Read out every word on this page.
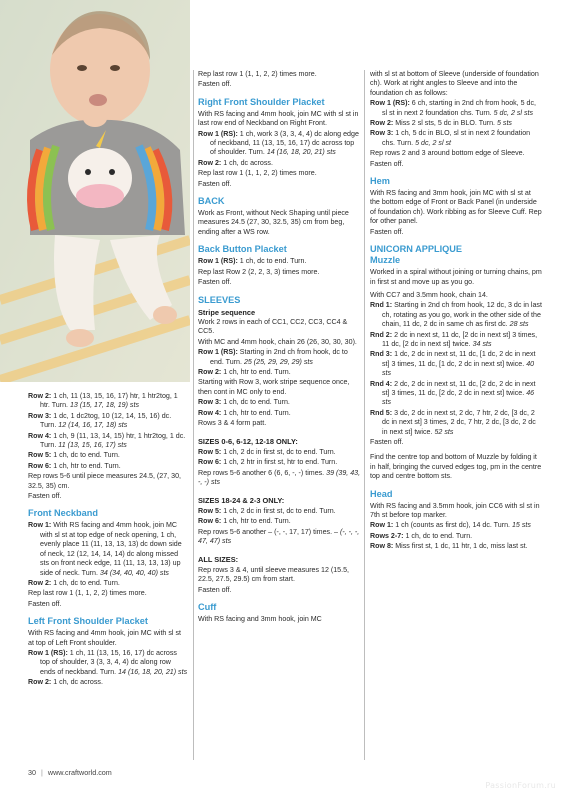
Row 2: 1 ch, 11 (13, 15, 16, 17) htr, 1 htr2tog, 1 htr. Turn. 13 (15, 17, 18, 19) sts

Row 3: 1 dc, 1 dc2tog, 10 (12, 14, 15, 16) dc. Turn. 12 (14, 16, 17, 18) sts

Row 4: 1 ch, 9 (11, 13, 14, 15) htr, 1 htr2tog, 1 dc. Turn. 11 (13, 15, 16, 17) sts

Row 5: 1 ch, dc to end. Turn.

Row 6: 1 ch, htr to end. Turn.

Rep rows 5-6 until piece measures 24.5, (27, 30, 32.5, 35) cm.

Fasten off.

Front Neckband

Row 1: With RS facing and 4mm hook, join MC with sl st at top edge of neck opening, 1 ch, evenly place 11 (11, 13, 13, 13) dc down side of neck, 12 (12, 14, 14, 14) dc along missed sts on front neck edge, 11 (11, 13, 13, 13) up side of neck. Turn. 34 (34, 40, 40, 40) sts

Row 2: 1 ch, dc to end. Turn.

Rep last row 1 (1, 1, 2, 2) times more.

Fasten off.

Left Front Shoulder Placket

With RS facing and 4mm hook, join MC with sl st at top of Left Front shoulder.

Row 1 (RS): 1 ch, 11 (13, 15, 16, 17) dc across top of shoulder, 3 (3, 3, 4, 4) dc along row ends of neckband. Turn. 14 (16, 18, 20, 21) sts

Row 2: 1 ch, dc across.

Rep last row 1 (1, 1, 2, 2) times more.

Fasten off.

Right Front Shoulder Placket

With RS facing and 4mm hook, join MC with sl st in last row end of Neckband on Right Front.

Row 1 (RS): 1 ch, work 3 (3, 3, 4, 4) dc along edge of neckband, 11 (13, 15, 16, 17) dc across top of shoulder. Turn. 14 (16, 18, 20, 21) sts

Row 2: 1 ch, dc across.

Rep last row 1 (1, 1, 2, 2) times more.

Fasten off.

BACK

Work as Front, without Neck Shaping until piece measures 24.5 (27, 30, 32.5, 35) cm from beg, ending after a WS row.

Back Button Placket

Row 1 (RS): 1 ch, dc to end. Turn.

Rep last Row 2 (2, 2, 3, 3) times more.

Fasten off.

SLEEVES
Stripe sequence

Work 2 rows in each of CC1, CC2, CC3, CC4 & CC5.

With MC and 4mm hook, chain 26 (26, 30, 30, 30).

Row 1 (RS): Starting in 2nd ch from hook, dc to end. Turn. 25 (25, 29, 29, 29) sts

Row 2: 1 ch, htr to end. Turn.

Starting with Row 3, work stripe sequence once, then cont in MC only to end.

Row 3: 1 ch, dc to end. Turn.

Row 4: 1 ch, htr to end. Turn.

Rows 3 & 4 form patt.

SIZES 0-6, 6-12, 12-18 ONLY:

Row 5: 1 ch, 2 dc in first st, dc to end. Turn.

Row 6: 1 ch, 2 htr in first st, htr to end. Turn.

Rep rows 5-6 another 6 (6, 6, -, -) times. 39 (39, 43, -, -) sts

SIZES 18-24 & 2-3 ONLY:

Row 5: 1 ch, 2 dc in first st, dc to end. Turn.

Row 6: 1 ch, htr to end. Turn.

Rep rows 5-6 another – (-, -, 17, 17) times. – (-, -, -, 47, 47) sts

ALL SIZES:

Rep rows 3 & 4, until sleeve measures 12 (15.5, 22.5, 27.5, 29.5) cm from start.

Fasten off.

Cuff

With RS facing and 3mm hook, join MC

with sl st at bottom of Sleeve (underside of foundation ch). Work at right angles to Sleeve and into the foundation ch as follows:

Row 1 (RS): 6 ch, starting in 2nd ch from hook, 5 dc, sl st in next 2 foundation chs. Turn. 5 dc, 2 sl sts

Row 2: Miss 2 sl sts, 5 dc in BLO. Turn. 5 sts

Row 3: 1 ch, 5 dc in BLO, sl st in next 2 foundation chs. Turn. 5 dc, 2 sl st

Rep rows 2 and 3 around bottom edge of Sleeve.

Fasten off.

Hem

With RS facing and 3mm hook, join MC with sl st at the bottom edge of Front or Back Panel (in underside of foundation ch). Work ribbing as for Sleeve Cuff. Rep for other panel.

Fasten off.

UNICORN APPLIQUE
Muzzle

Worked in a spiral without joining or turning chains, pm in first st and move up as you go.

With CC7 and 3.5mm hook, chain 14.

Rnd 1: Starting in 2nd ch from hook, 12 dc, 3 dc in last ch, rotating as you go, work in the other side of the chain, 11 dc, 2 dc in same ch as first dc. 28 sts

Rnd 2: 2 dc in next st, 11 dc, [2 dc in next st] 3 times, 11 dc, [2 dc in next st] twice. 34 sts

Rnd 3: 1 dc, 2 dc in next st, 11 dc, [1 dc, 2 dc in next st] 3 times, 11 dc, [1 dc, 2 dc in next st] twice. 40 sts

Rnd 4: 2 dc, 2 dc in next st, 11 dc, [2 dc, 2 dc in next st] 3 times, 11 dc, [2 dc, 2 dc in next st] twice. 46 sts

Rnd 5: 3 dc, 2 dc in next st, 2 dc, 7 htr, 2 dc, [3 dc, 2 dc in next st] 3 times, 2 dc, 7 htr, 2 dc, [3 dc, 2 dc in next st] twice. 52 sts

Fasten off.

Find the centre top and bottom of Muzzle by folding it in half, bringing the curved edges tog, pm in the centre top and centre bottom sts.

Head

With RS facing and 3.5mm hook, join CC6 with sl st in 7th st before top marker.

Row 1: 1 ch (counts as first dc), 14 dc. Turn. 15 sts

Rows 2-7: 1 ch, dc to end. Turn.

Row 8: Miss first st, 1 dc, 11 htr, 1 dc, miss last st.

30 | www.craftworld.com
PassionForum.ru
